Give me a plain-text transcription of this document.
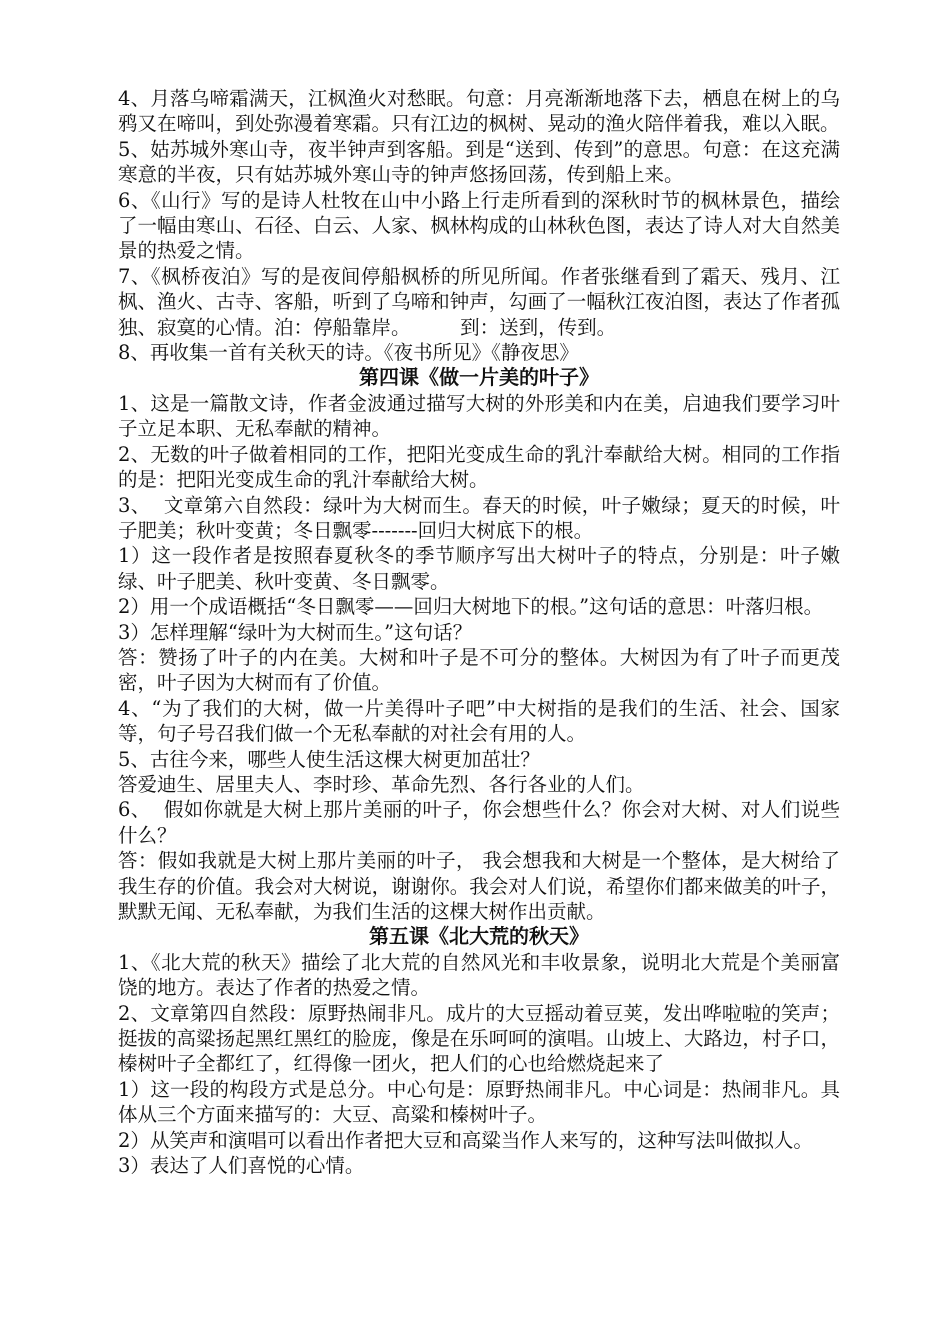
4、月落乌啼霜满天，江枫渔火对愁眠。句意：月亮渐渐地落下去，栖息在树上的乌鸦又在啼叫，到处弥漫着寒霜。只有江边的枫树、晃动的渔火陪伴着我，难以入眠。

5、姑苏城外寒山寺，夜半钟声到客船。到是“送到、传到”的意思。句意：在这充满寒意的半夜，只有姑苏城外寒山寺的钟声悠扬回荡，传到船上来。

6、《山行》写的是诗人杜牧在山中小路上行走所看到的深秋时节的枫林景色，描绘了一幅由寒山、石径、白云、人家、枫林构成的山林秋色图，表达了诗人对大自然美景的热爱之情。

7、《枫桥夜泊》写的是夜间停船枫桥的所见所闻。作者张继看到了霜天、残月、江枫、渔火、古寺、客船，听到了乌啼和钟声，勾画了一幅秋江夜泊图，表达了作者孤独、寂寞的心情。泊：停船靠岸。        到：送到，传到。

8、再收集一首有关秋天的诗。《夜书所见》《静夜思》

第四课《做一片美的叶子》

1、这是一篇散文诗，作者金波通过描写大树的外形美和内在美，启迪我们要学习叶子立足本职、无私奉献的精神。

2、无数的叶子做着相同的工作，把阳光变成生命的乳汁奉献给大树。相同的工作指的是：把阳光变成生命的乳汁奉献给大树。

3、  文章第六自然段：绿叶为大树而生。春天的时候，叶子嫩绿；夏天的时候，叶子肥美；秋叶变黄；冬日飘零-------回归大树底下的根。

1）这一段作者是按照春夏秋冬的季节顺序写出大树叶子的特点，分别是：叶子嫩绿、叶子肥美、秋叶变黄、冬日飘零。

2）用一个成语概括“冬日飘零——回归大树地下的根。”这句话的意思：叶落归根。

3）怎样理解“绿叶为大树而生。”这句话？

答：赞扬了叶子的内在美。大树和叶子是不可分的整体。大树因为有了叶子而更茂密，叶子因为大树而有了价值。

4、“为了我们的大树，做一片美得叶子吧”中大树指的是我们的生活、社会、国家等，句子号召我们做一个无私奉献的对社会有用的人。

5、古往今来，哪些人使生活这棵大树更加茁壮？

答爱迪生、居里夫人、李时珍、革命先烈、各行各业的人们。

6、  假如你就是大树上那片美丽的叶子，你会想些什么？你会对大树、对人们说些什么？

答：假如我就是大树上那片美丽的叶子， 我会想我和大树是一个整体，是大树给了我生存的价值。我会对大树说，谢谢你。我会对人们说，希望你们都来做美的叶子，默默无闻、无私奉献，为我们生活的这棵大树作出贡献。

第五课《北大荒的秋天》

1、《北大荒的秋天》描绘了北大荒的自然风光和丰收景象，说明北大荒是个美丽富饶的地方。表达了作者的热爱之情。

2、文章第四自然段：原野热闹非凡。成片的大豆摇动着豆荚，发出哗啦啦的笑声；挺拔的高粱扬起黑红黑红的脸庞，像是在乐呵呵的演唱。山坡上、大路边，村子口，榛树叶子全都红了，红得像一团火，把人们的心也给燃烧起来了

1）这一段的构段方式是总分。中心句是：原野热闹非凡。中心词是：热闹非凡。具体从三个方面来描写的：大豆、高粱和榛树叶子。

2）从笑声和演唱可以看出作者把大豆和高粱当作人来写的，这种写法叫做拟人。

3）表达了人们喜悦的心情。
